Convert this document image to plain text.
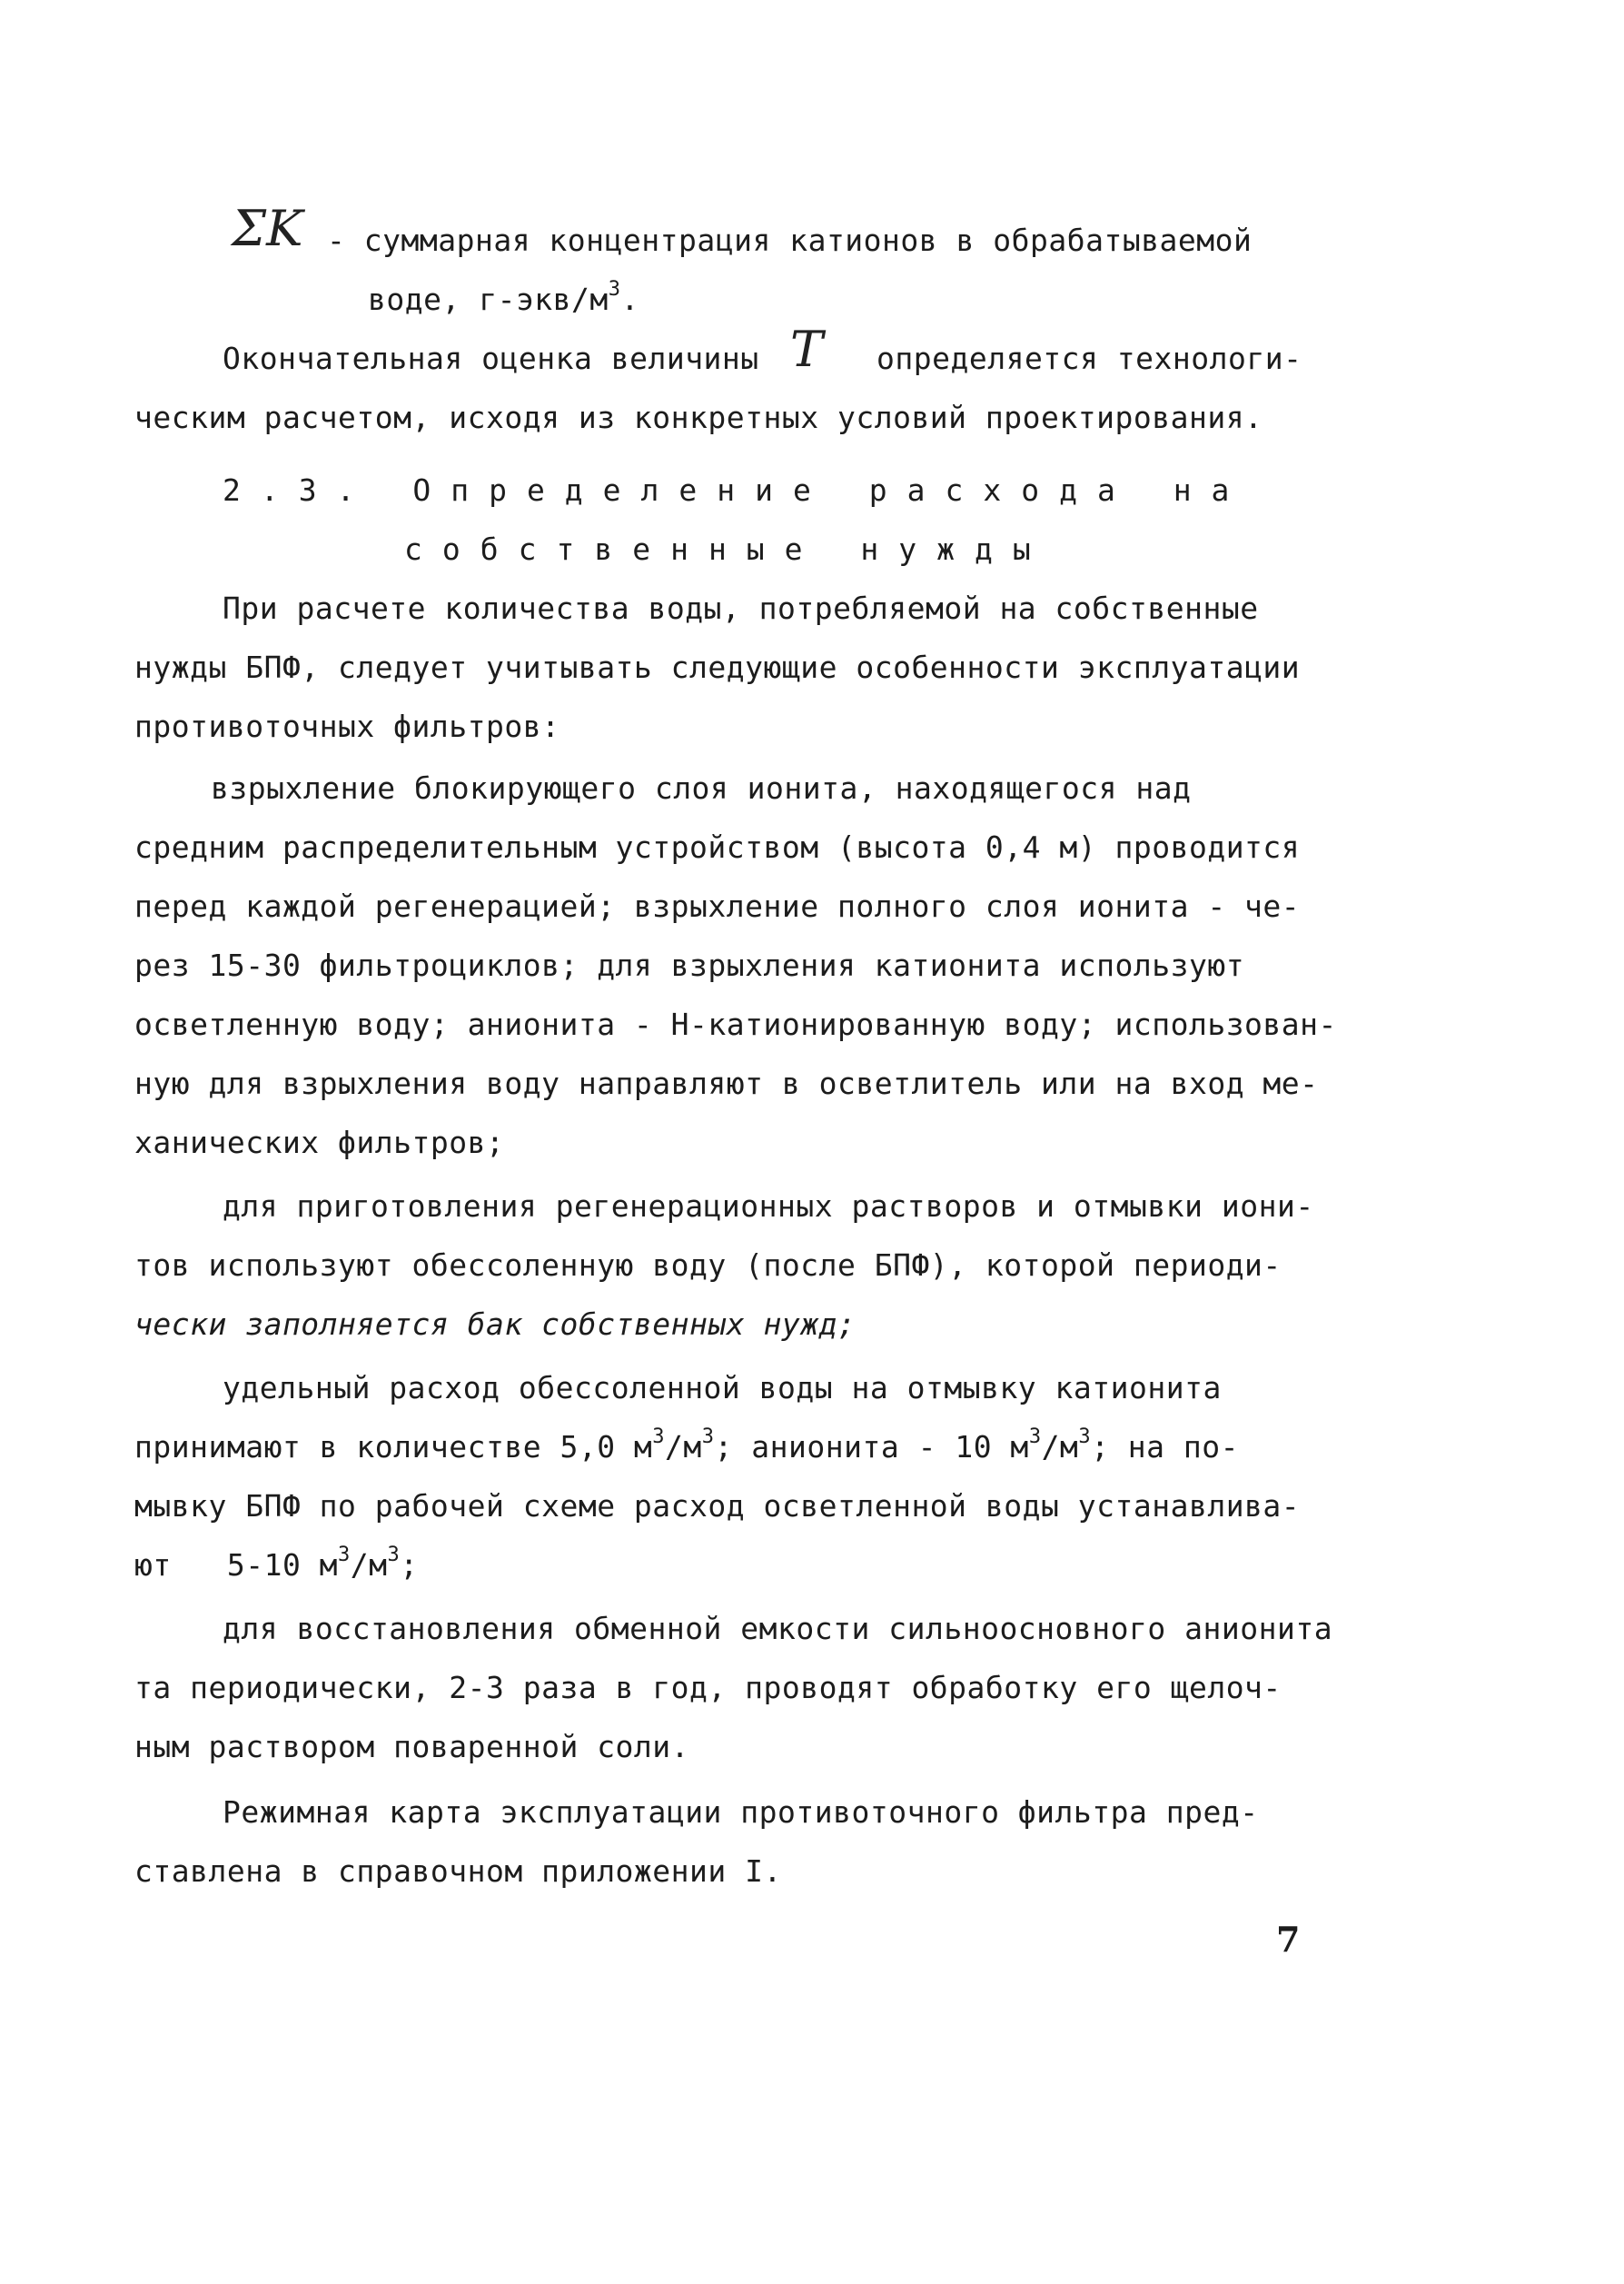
ΣK - суммарная концентрация катионов в обрабатываемой
воде, $г-экв/м^3$.
Окончательная оценка величины T определяется технологи-
ческим расчетом, исходя из конкретных условий проектирования.
2.3. Определение расхода на
собственные нужды
При расчете количества воды, потребляемой на собственные
нужды БПФ, следует учитывать следующие особенности эксплуатации
противоточных фильтров:
взрыхление блокирующего слоя ионита, находящегося над
средним распределительным устройством (высота 0,4 м) проводится
перед каждой регенерацией; взрыхление полного слоя ионита - че-
рез 15-30 фильтроциклов; для взрыхления катионита используют
осветленную воду; анионита - Н-катионированную воду; использован-
ную для взрыхления воду направляют в осветлитель или на вход ме-
ханических фильтров;
для приготовления регенерационных растворов и отмывки иони-
тов используют обессоленную воду (после БПФ), которой периоди-
чески заполняется бак собственных нужд;
удельный расход обессоленной воды на отмывку катионита
принимают в количестве 5,0 $м^3/м^3$; анионита - 10 $м^3/м^3$; на по-
мывку БПФ по рабочей схеме расход осветленной воды устанавлива-
ют   5-10 $м^3/м^3$;
для восстановления обменной емкости сильноосновного анионита
та периодически, 2-3 раза в год, проводят обработку его щелоч-
ным раствором поваренной соли.
Режимная карта эксплуатации противоточного фильтра пред-
ставлена в справочном приложении I.
7
